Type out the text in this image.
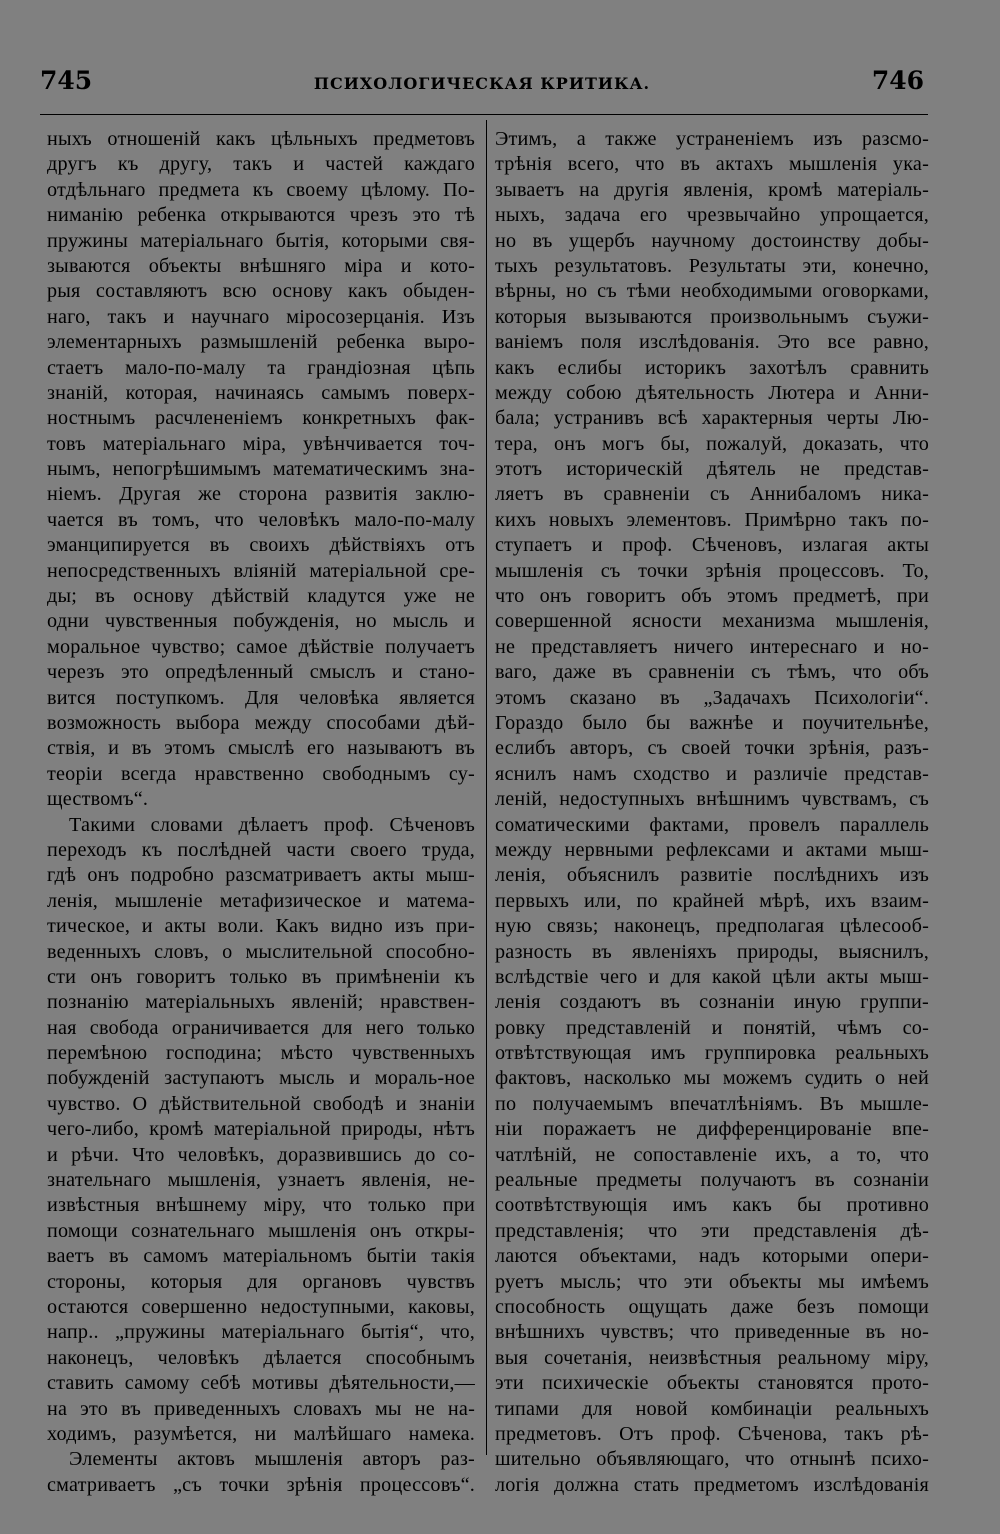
745	ПСИХОЛОГИЧЕСКАЯ КРИТИКА.	746
ныхъ отношеній какъ цѣльныхъ предметовъ
другъ къ другу, такъ и частей каждаго
отдѣльнаго предмета къ своему цѣлому. По-
ниманію ребенка открываются чрезъ это тѣ
пружины матеріальнаго бытія, которыми свя-
зываются объекты внѣшняго міра и кото-
рыя составляютъ всю основу какъ обыден-
наго, такъ и научнаго міросозерцанія. Изъ
элементарныхъ размышленій ребенка выро-
стаетъ мало-по-малу та грандіозная цѣпь
знаній, которая, начинаясь самымъ поверх-
ностнымъ расчлененіемъ конкретныхъ фак-
товъ матеріальнаго міра, увѣнчивается точ-
нымъ, непогрѣшимымъ математическимъ зна-
ніемъ. Другая же сторона развитія заклю-
чается въ томъ, что человѣкъ мало-по-малу
эманципируется въ своихъ дѣйствіяхъ отъ
непосредственныхъ вліяній матеріальной сре-
ды; въ основу дѣйствій кладутся уже не
одни чувственныя побужденія, но мысль и
моральное чувство; самое дѣйствіе получаетъ
черезъ это опредѣленный смыслъ и стано-
вится поступкомъ. Для человѣка является
возможность выбора между способами дѣй-
ствія, и въ этомъ смыслѣ его называютъ въ
теоріи всегда нравственно свободнымъ су-
ществомъ“.
Такими словами дѣлаетъ проф. Сѣченовъ
переходъ къ послѣдней части своего труда,
гдѣ онъ подробно разсматриваетъ акты мыш-
ленія, мышленіе метафизическое и матема-
тическое, и акты воли. Какъ видно изъ при-
веденныхъ словъ, о мыслительной способно-
сти онъ говоритъ только въ примѣненіи къ
познанію матеріальныхъ явленій; нравствен-
ная свобода ограничивается для него только
перемѣною господина; мѣсто чувственныхъ
побужденій заступаютъ мысль и мораль-ное
чувство. О дѣйствительной свободѣ и знаніи
чего-либо, кромѣ матеріальной природы, нѣтъ
и рѣчи. Что человѣкъ, доразвившись до со-
знательнаго мышленія, узнаетъ явленія, не-
извѣстныя внѣшнему міру, что только при
помощи сознательнаго мышленія онъ откры-
ваетъ въ самомъ матеріальномъ бытіи такія
стороны, которыя для органовъ чувствъ
остаются совершенно недоступными, каковы,
напр.. „пружины матеріальнаго бытія“, что,
наконецъ, человѣкъ дѣлается способнымъ
ставить самому себѣ мотивы дѣятельности,—
на это въ приведенныхъ словахъ мы не на-
ходимъ, разумѣется, ни малѣйшаго намека.
Элементы актовъ мышленія авторъ раз-
сматриваетъ „съ точки зрѣнія процессовъ“.
Этимъ, а также устраненіемъ изъ разсмо-
трѣнія всего, что въ актахъ мышленія ука-
зываетъ на другія явленія, кромѣ матеріаль-
ныхъ, задача его чрезвычайно упрощается,
но въ ущербъ научному достоинству добы-
тыхъ результатовъ. Результаты эти, конечно,
вѣрны, но съ тѣми необходимыми оговорками,
которыя вызываются произвольнымъ съужи-
ваніемъ поля изслѣдованія. Это все равно,
какъ еслибы историкъ захотѣлъ сравнить
между собою дѣятельность Лютера и Анни-
бала; устранивъ всѣ характерныя черты Лю-
тера, онъ могъ бы, пожалуй, доказать, что
этотъ историческій дѣятель не представ-
ляетъ въ сравненіи съ Аннибаломъ ника-
кихъ новыхъ элементовъ. Примѣрно такъ по-
ступаетъ и проф. Сѣченовъ, излагая акты
мышленія съ точки зрѣнія процессовъ. То,
что онъ говоритъ объ этомъ предметѣ, при
совершенной ясности механизма мышленія,
не представляетъ ничего интереснаго и но-
ваго, даже въ сравненіи съ тѣмъ, что объ
этомъ сказано въ „Задачахъ Психологіи“.
Гораздо было бы важнѣе и поучительнѣе,
еслибъ авторъ, съ своей точки зрѣнія, разъ-
яснилъ намъ сходство и различіе представ-
леній, недоступныхъ внѣшнимъ чувствамъ, съ
соматическими фактами, провелъ параллель
между нервными рефлексами и актами мыш-
ленія, объяснилъ развитіе послѣднихъ изъ
первыхъ или, по крайней мѣрѣ, ихъ взаим-
ную связь; наконецъ, предполагая цѣлесооб-
разность въ явленіяхъ природы, выяснилъ,
вслѣдствіе чего и для какой цѣли акты мыш-
ленія создаютъ въ сознаніи иную группи-
ровку представленій и понятій, чѣмъ со-
отвѣтствующая имъ группировка реальныхъ
фактовъ, насколько мы можемъ судить о ней
по получаемымъ впечатлѣніямъ. Въ мышле-
ніи поражаетъ не дифференцированіе впе-
чатлѣній, не сопоставленіе ихъ, а то, что
реальные предметы получаютъ въ сознаніи
соотвѣтствующія имъ какъ бы противно
представленія; что эти представленія дѣ-
лаются объектами, надъ которыми опери-
руетъ мысль; что эти объекты мы имѣемъ
способность ощущать даже безъ помощи
внѣшнихъ чувствъ; что приведенные въ но-
выя сочетанія, неизвѣстныя реальному міру,
эти психическіе объекты становятся прото-
типами для новой комбинаціи реальныхъ
предметовъ. Отъ проф. Сѣченова, такъ рѣ-
шительно объявляющаго, что отнынѣ психо-
логія должна стать предметомъ изслѣдованія
